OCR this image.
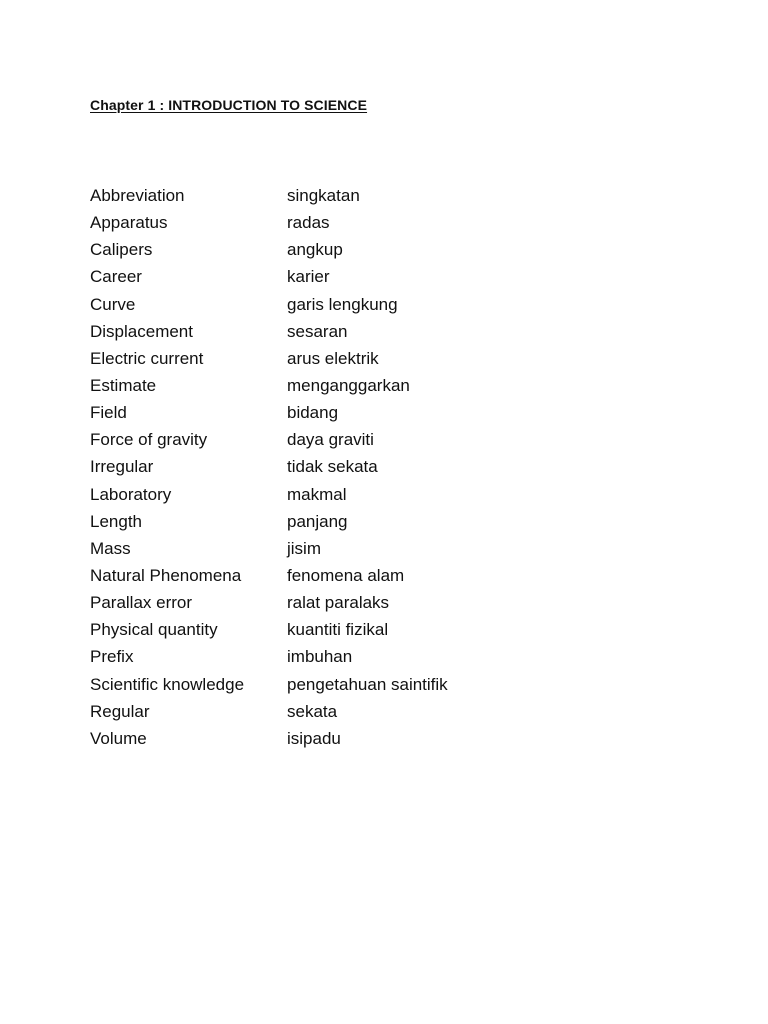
Chapter 1 : INTRODUCTION TO SCIENCE
Abbreviation	singkatan
Apparatus	radas
Calipers	angkup
Career	karier
Curve	garis lengkung
Displacement	sesaran
Electric current	arus elektrik
Estimate	menganggarkan
Field	bidang
Force of gravity	daya graviti
Irregular	tidak sekata
Laboratory	makmal
Length	panjang
Mass	jisim
Natural Phenomena	fenomena alam
Parallax error	ralat paralaks
Physical quantity	kuantiti fizikal
Prefix	imbuhan
Scientific knowledge	pengetahuan saintifik
Regular	sekata
Volume	isipadu
